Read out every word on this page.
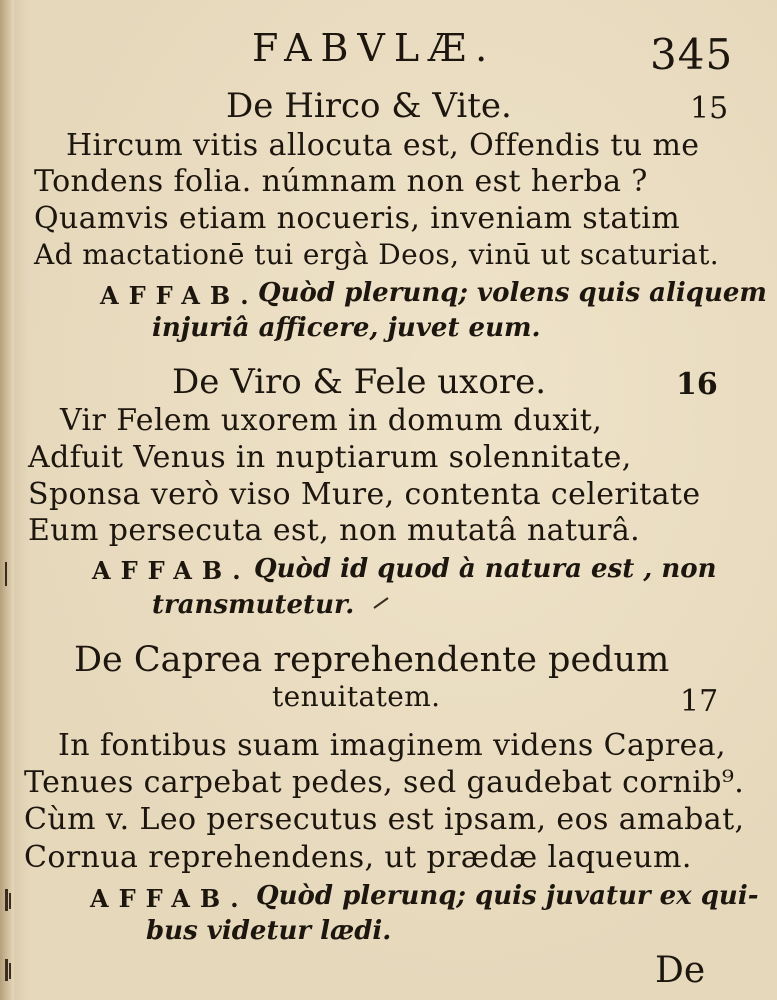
FABVLÆ.	345
De Hirco & Vite.	15
Hircum vitis allocuta est, Offendis tu me
Tondens folia. númnam non est herba ?
Quamvis etiam nocueris, inveniam statim
Ad mactationē tui ergà Deos, vinū ut scaturiat.
AFFAB. Quòd plerunq; volens quis aliquem
injuriâ afficere, juvet eum.
De Viro & Fele uxore.	16
Vir Felem uxorem in domum duxit,
Adfuit Venus in nuptiarum solennitate,
Sponsa verò viso Mure, contenta celeritate
Eum persecuta est, non mutatâ naturâ.
AFFAB. Quòd id quod à natura est , non
transmutetur.
De Caprea reprehendente pedum
tenuitatem.	17
In fontibus suam imaginem videns Caprea,
Tenues carpebat pedes, sed gaudebat cornib⁹.
Cùm v. Leo persecutus est ipsam, eos amabat,
Cornua reprehendens, ut prædæ laqueum.
AFFAB. Quòd plerunq; quis juvatur ex qui-
bus videtur lædi.
De
